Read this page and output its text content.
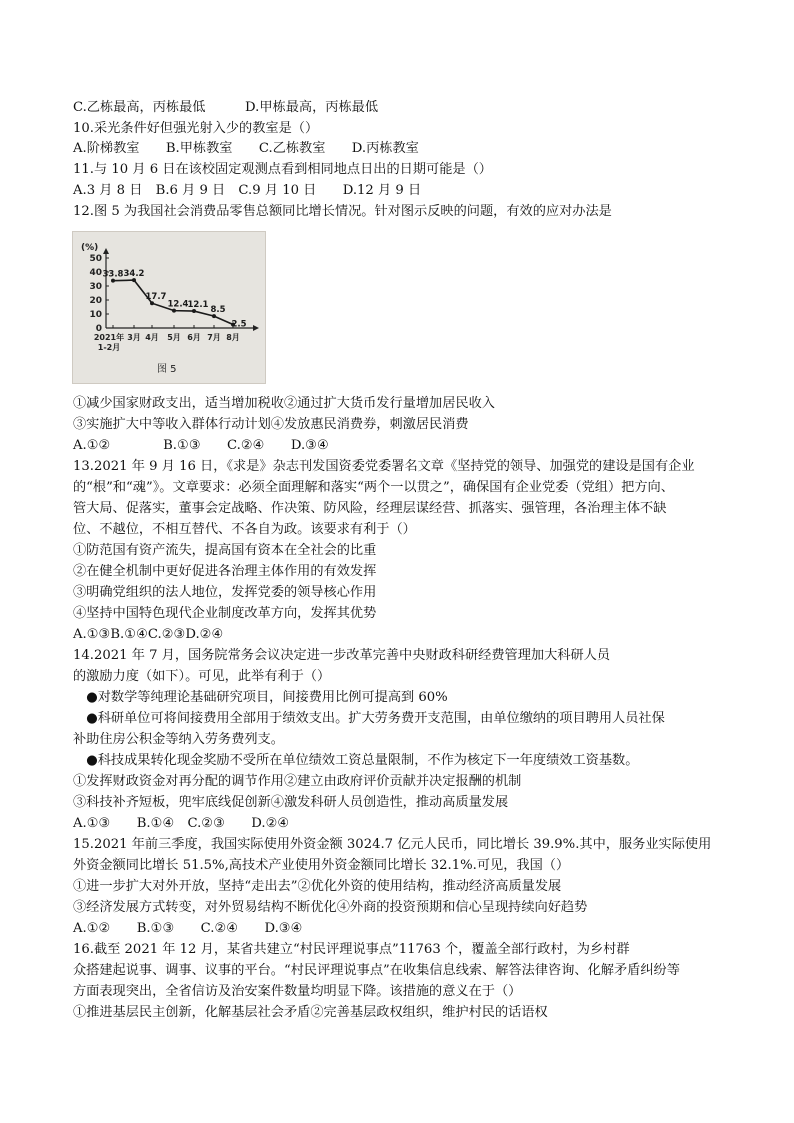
C.乙栋最高，丙栋最低　　　D.甲栋最高，丙栋最低
10.采光条件好但强光射入少的教室是（）
A.阶梯教室　　B.甲栋教室　　C.乙栋教室　　D.丙栋教室
11.与 10 月 6 日在该校固定观测点看到相同地点日出的日期可能是（）
A.3 月 8 日　B.6 月 9 日　C.9 月 10 日　　D.12 月 9 日
12.图 5 为我国社会消费品零售总额同比增长情况。针对图示反映的问题，有效的应对办法是
(%)
0
10
20
30
40
50
2021年
1-2月
3月 4月 5月 6月 7月 8月
33.8 34.2
17.7
12.4 12.1
8.5
2.5
图 5
①减少国家财政支出，适当增加税收②通过扩大货币发行量增加居民收入
③实施扩大中等收入群体行动计划④发放惠民消费券，刺激居民消费
A.①②　　　　B.①③　　C.②④　　D.③④
13.2021 年 9 月 16 日，《求是》杂志刊发国资委党委署名文章《坚持党的领导、加强党的建设是国有企业
的“根”和“魂”》。文章要求：必须全面理解和落实“两个一以贯之”，确保国有企业党委（党组）把方向、
管大局、促落实，董事会定战略、作决策、防风险，经理层谋经营、抓落实、强管理，各治理主体不缺
位、不越位，不相互替代、不各自为政。该要求有利于（）
①防范国有资产流失，提高国有资本在全社会的比重
②在健全机制中更好促进各治理主体作用的有效发挥
③明确党组织的法人地位，发挥党委的领导核心作用
④坚持中国特色现代企业制度改革方向，发挥其优势
A.①③B.①④C.②③D.②④
14.2021 年 7 月，国务院常务会议决定进一步改革完善中央财政科研经费管理加大科研人员
的激励力度（如下）。可见，此举有利于（）
　●对数学等纯理论基础研究项目，间接费用比例可提高到 60%
　●科研单位可将间接费用全部用于绩效支出。扩大劳务费开支范围，由单位缴纳的项目聘用人员社保
补助住房公积金等纳入劳务费列支。
　●科技成果转化现金奖励不受所在单位绩效工资总量限制，不作为核定下一年度绩效工资基数。
①发挥财政资金对再分配的调节作用②建立由政府评价贡献并决定报酬的机制
③科技补齐短板，兜牢底线促创新④激发科研人员创造性，推动高质量发展
A.①③　　B.①④　C.②③　　D.②④
15.2021 年前三季度，我国实际使用外资金额 3024.7 亿元人民币，同比增长 39.9%.其中，服务业实际使用
外资金额同比增长 51.5%,高技术产业使用外资金额同比增长 32.1%.可见，我国（）
①进一步扩大对外开放，坚持“走出去”②优化外资的使用结构，推动经济高质量发展
③经济发展方式转变，对外贸易结构不断优化④外商的投资预期和信心呈现持续向好趋势
A.①②　　B.①③　　C.②④　　D.③④
16.截至 2021 年 12 月，某省共建立“村民评理说事点”11763 个，覆盖全部行政村，为乡村群
众搭建起说事、调事、议事的平台。“村民评理说事点”在收集信息线索、解答法律咨询、化解矛盾纠纷等
方面表现突出，全省信访及治安案件数量均明显下降。该措施的意义在于（）
①推进基层民主创新，化解基层社会矛盾②完善基层政权组织，维护村民的话语权
